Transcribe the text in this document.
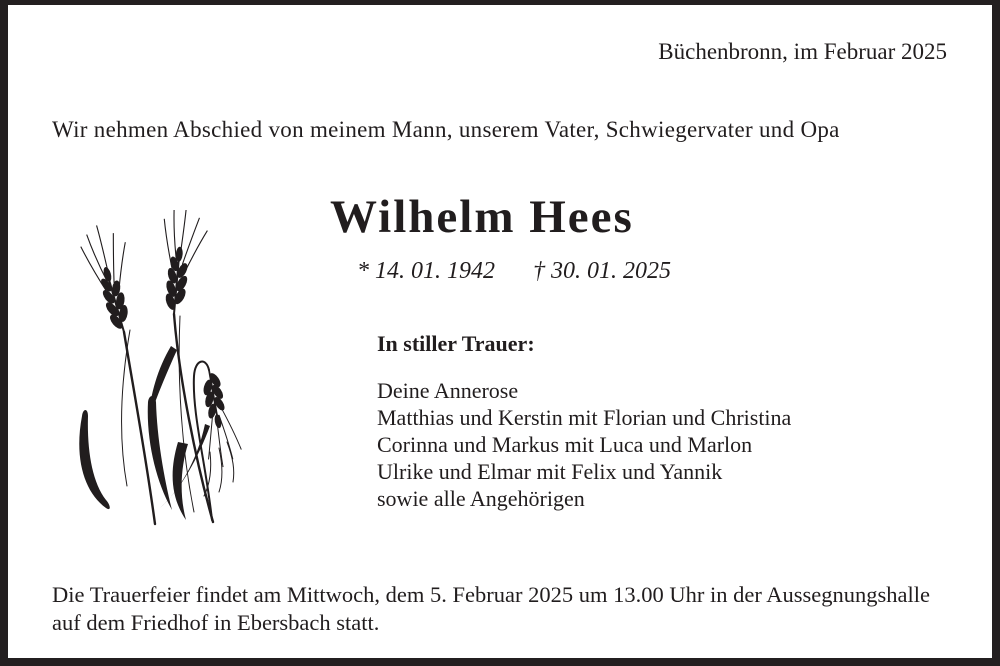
Büchenbronn, im Februar 2025
Wir nehmen Abschied von meinem Mann, unserem Vater, Schwiegervater und Opa
Wilhelm Hees
* 14. 01. 1942 † 30. 01. 2025
In stiller Trauer:
Deine Annerose
Matthias und Kerstin mit Florian und Christina
Corinna und Markus mit Luca und Marlon
Ulrike und Elmar mit Felix und Yannik
sowie alle Angehörigen
Die Trauerfeier findet am Mittwoch, dem 5. Februar 2025 um 13.00 Uhr in der Aussegnungshalle
auf dem Friedhof in Ebersbach statt.
